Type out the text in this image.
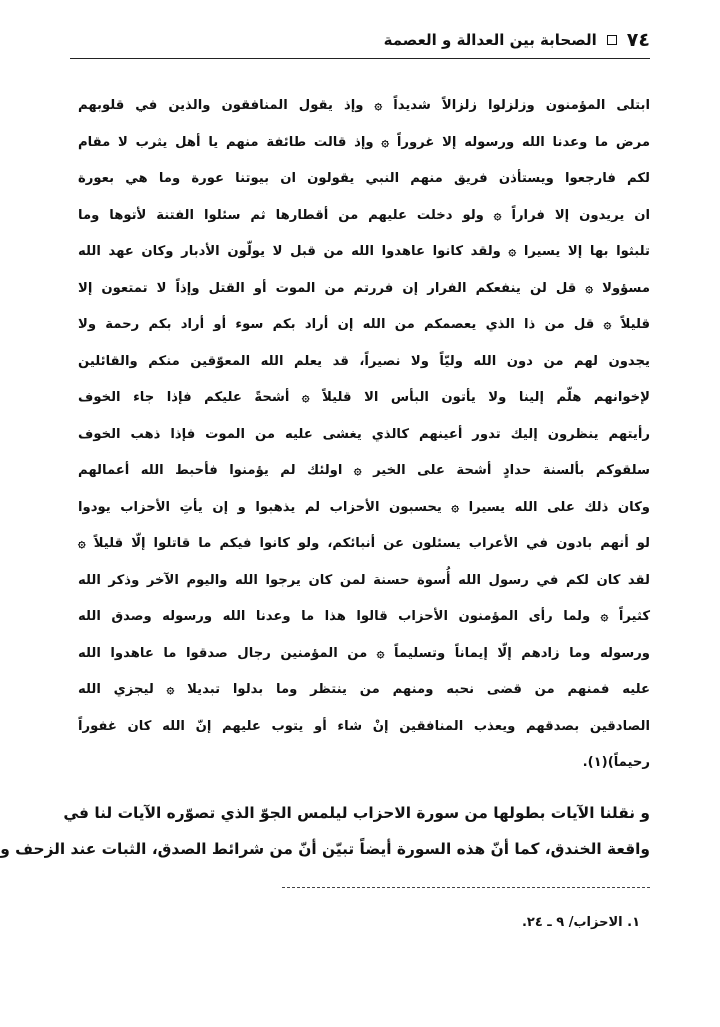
٧٤
الصحابة بين العدالة و العصمة
ابتلى المؤمنون وزلزلوا زلزالاً شديداً ۞ وإذ يقول المنافقون والذين في قلوبهم
مرض ما وعدنا الله ورسوله إلا غروراً ۞ وإذ قالت طائفة منهم يا أهل يثرب لا مقام
لكم فارجعوا ويستأذن فريق منهم النبي يقولون ان بيوتنا عورة وما هي بعورة
ان يريدون إلا فراراً ۞ ولو دخلت عليهم من أقطارها ثم سئلوا الفتنة لأتوها وما
تلبثوا بها إلا يسيرا ۞ ولقد كانوا عاهدوا الله من قبل لا يولّون الأدبار وكان عهد الله
مسؤولا ۞ قل لن ينفعكم الفرار إن فررتم من الموت أو القتل وإذاً لا تمتعون إلا
قليلاً ۞ قل من ذا الذي يعصمكم من الله إن أراد بكم سوء أو أراد بكم رحمة ولا
يجدون لهم من دون الله وليّاً ولا نصيراً، قد يعلم الله المعوّقين منكم والقائلين
لإخوانهم هلّم إلينا ولا يأتون البأس الا قليلاً ۞ أشحةً عليكم فإذا جاء الخوف
رأيتهم ينظرون إليك تدور أعينهم كالذي يغشى عليه من الموت فإذا ذهب الخوف
سلقوكم بألسنة حدادٍ أشحة على الخير ۞ اولئك لم يؤمنوا فأحبط الله أعمالهم
وكان ذلك على الله يسيرا ۞ يحسبون الأحزاب لم يذهبوا و إن يأتِ الأحزاب يودوا
لو أنهم بادون في الأعراب يسئلون عن أنبائكم، ولو كانوا فيكم ما قاتلوا إلّا قليلاً ۞
لقد كان لكم في رسول الله أُسوة حسنة لمن كان يرجوا الله واليوم الآخر وذكر الله
كثيراً ۞ ولما رأى المؤمنون الأحزاب قالوا هذا ما وعدنا الله ورسوله وصدق الله
ورسوله وما زادهم إلّا إيماناً وتسليماً ۞ من المؤمنين رجال صدقوا ما عاهدوا الله
عليه فمنهم من قضى نحبه ومنهم من ينتظر وما بدلوا تبديلا ۞ ليجزي الله
الصادقين بصدقهم ويعذب المنافقين إنْ شاء أو يتوب عليهم إنّ الله كان غفوراً
رحيماً)(١).
و نقلنا الآيات بطولها من سورة الاحزاب ليلمس الجوّ الذي تصوّره الآيات لنا في
واقعة الخندق، كما أنّ هذه السورة أيضاً تبيّن أنّ من شرائط الصدق، الثبات عند الزحف و
١. الاحزاب/ ٩ ـ ٢٤.
